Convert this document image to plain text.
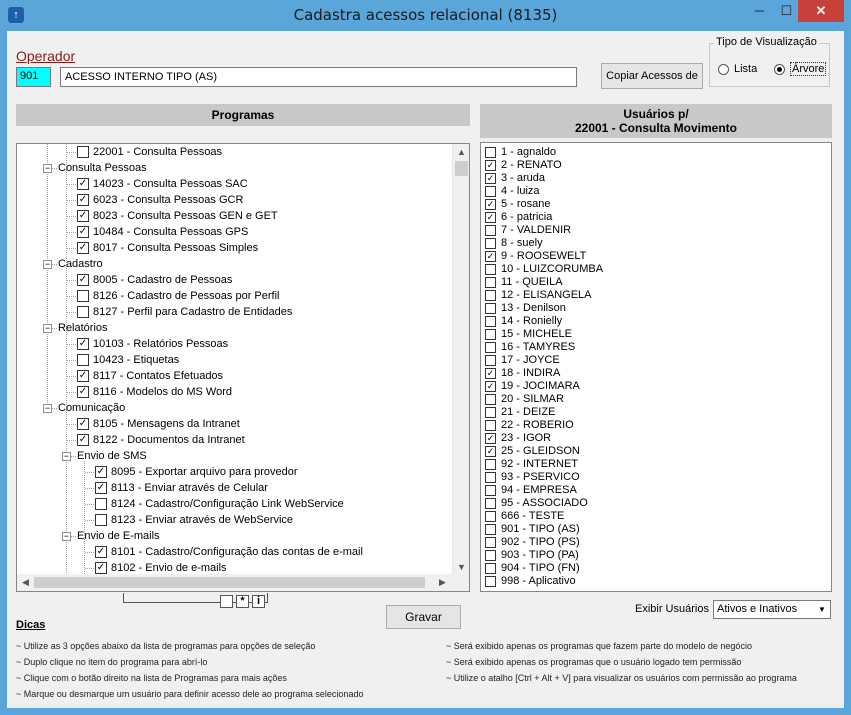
↑	Cadastra acessos relacional (8135)	─	☐	✕
Operador
901	ACESSO INTERNO TIPO (AS)	Copiar Acessos de
Tipo de Visualização
Lista	Árvore
Programas	Usuários p/
22001 - Consulta Movimento
22001 - Consulta Pessoas
− Consulta Pessoas
✓ 14023 - Consulta Pessoas SAC
✓ 6023 - Consulta Pessoas GCR
✓ 8023 - Consulta Pessoas GEN e GET
✓ 10484 - Consulta Pessoas GPS
✓ 8017 - Consulta Pessoas Simples
− Cadastro
✓ 8005 - Cadastro de Pessoas
8126 - Cadastro de Pessoas por Perfil
8127 - Perfil para Cadastro de Entidades
− Relatórios
✓ 10103 - Relatórios Pessoas
10423 - Etiquetas
✓ 8117 - Contatos Efetuados
✓ 8116 - Modelos do MS Word
− Comunicação
✓ 8105 - Mensagens da Intranet
✓ 8122 - Documentos da Intranet
− Envio de SMS
✓ 8095 - Exportar arquivo para provedor
✓ 8113 - Enviar através de Celular
8124 - Cadastro/Configuração Link WebService
8123 - Enviar através de WebService
− Envio de E-mails
✓ 8101 - Cadastro/Configuração das contas de e-mail
✓ 8102 - Envio de e-mails
▲
▼
◀	▶
*	i
1 - agnaldo
✓ 2 - RENATO
✓ 3 - aruda
4 - luiza
✓ 5 - rosane
✓ 6 - patricia
7 - VALDENIR
8 - suely
✓ 9 - ROOSEWELT
10 - LUIZCORUMBA
11 - QUEILA
12 - ELISANGELA
13 - Denilson
14 - Ronielly
15 - MICHELE
16 - TAMYRES
17 - JOYCE
✓ 18 - INDIRA
✓ 19 - JOCIMARA
20 - SILMAR
21 - DEIZE
22 - ROBERIO
✓ 23 - IGOR
✓ 25 - GLEIDSON
92 - INTERNET
93 - PSERVICO
94 - EMPRESA
95 - ASSOCIADO
666 - TESTE
901 - TIPO (AS)
902 - TIPO (PS)
903 - TIPO (PA)
904 - TIPO (FN)
998 - Aplicativo
Gravar
Exibir Usuários Ativos e Inativos	▼
Dicas
~ Utilize as 3 opções abaixo da lista de programas para opções de seleção
~ Duplo clique no item do programa para abrí-lo
~ Clique com o botão direito na lista de Programas para mais ações
~ Marque ou desmarque um usuário para definir acesso dele ao programa selecionado
~ Será exibido apenas os programas que fazem parte do modelo de negócio
~ Será exibido apenas os programas que o usuário logado tem permissão
~ Utilize o atalho [Ctrl + Alt + V] para visualizar os usuários com permissão ao programa
